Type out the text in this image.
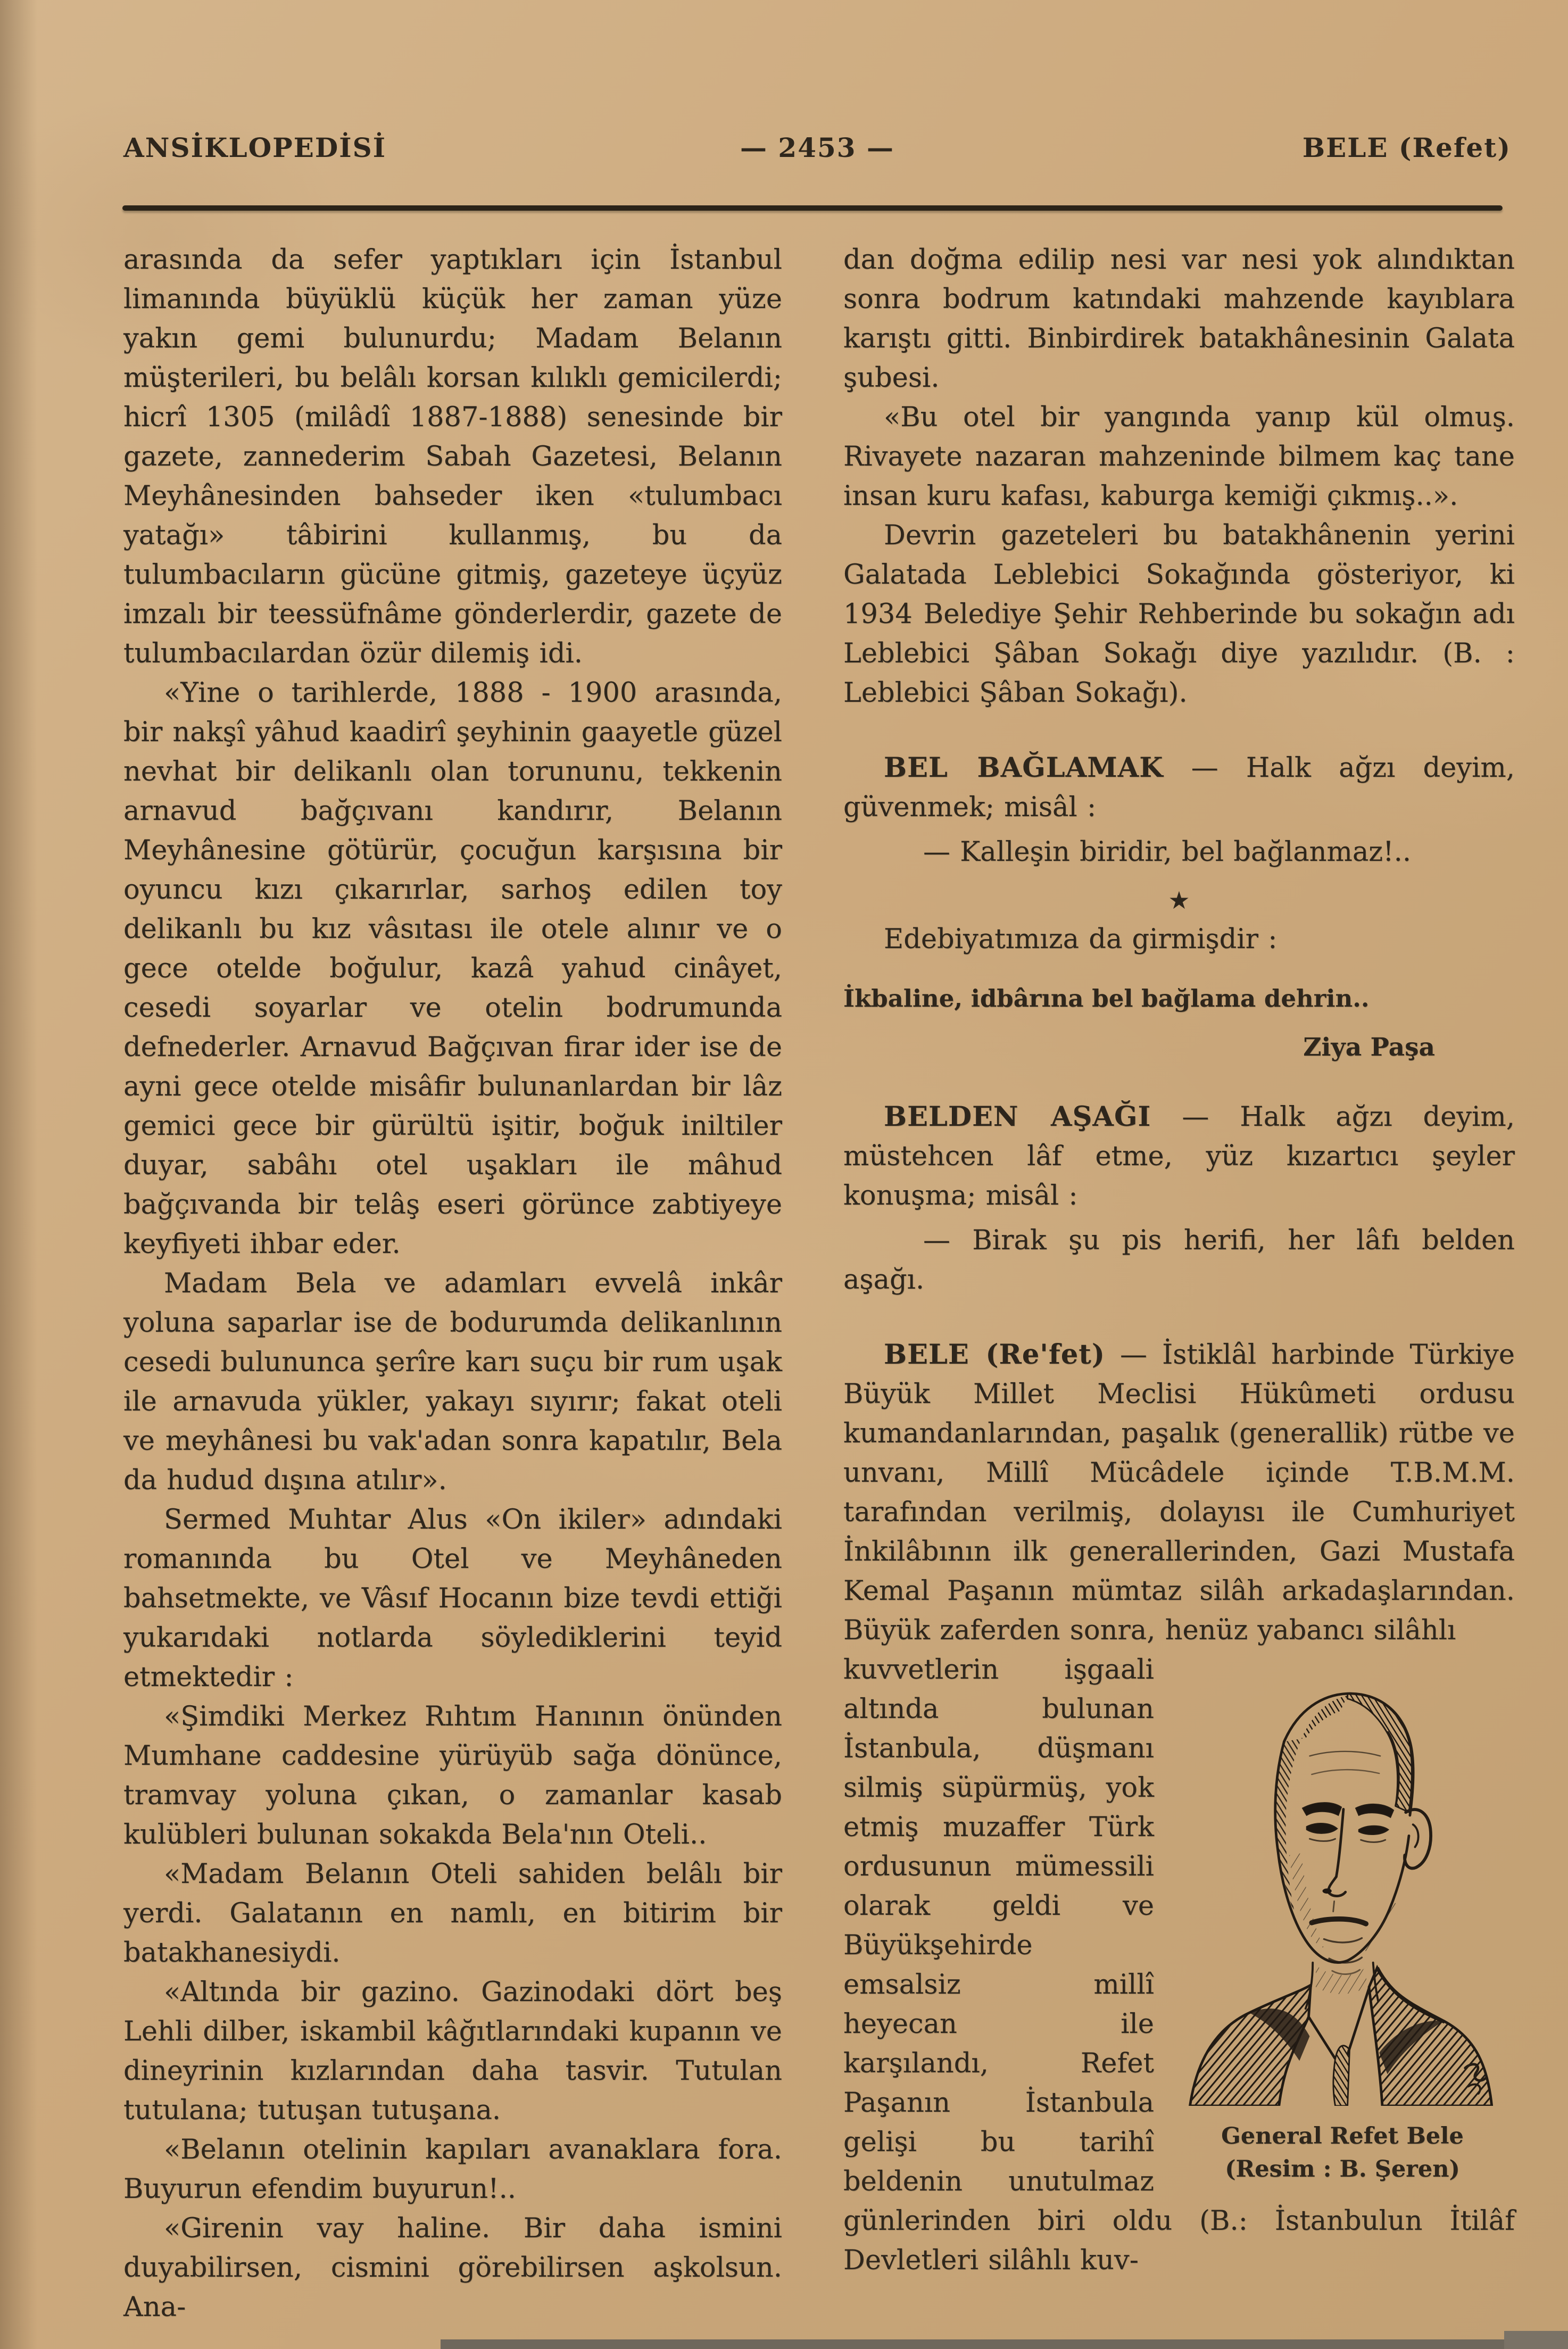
ANSİKLOPEDİSİ	— 2453 —	BELE (Refet)

arasında da sefer yaptıkları için İstanbul limanında büyüklü küçük her zaman yüze yakın gemi bulunurdu; Madam Belanın müşterileri, bu belâlı korsan kılıklı gemicilerdi; hicrî 1305 (milâdî 1887-1888) senesinde bir gazete, zannederim Sabah Gazetesi, Belanın Meyhânesinden bahseder iken «tulumbacı yatağı» tâbirini kullanmış, bu da tulumbacıların gücüne gitmiş, gazeteye üçyüz imzalı bir teessüfnâme gönderlerdir, gazete de tulumbacılardan özür dilemiş idi.

«Yine o tarihlerde, 1888 - 1900 arasında, bir nakşî yâhud kaadirî şeyhinin gaayetle güzel nevhat bir delikanlı olan torununu, tekkenin arnavud bağçıvanı kandırır, Belanın Meyhânesine götürür, çocuğun karşısına bir oyuncu kızı çıkarırlar, sarhoş edilen toy delikanlı bu kız vâsıtası ile otele alınır ve o gece otelde boğulur, kazâ yahud cinâyet, cesedi soyarlar ve otelin bodrumunda defnederler. Arnavud Bağçıvan firar ider ise de ayni gece otelde misâfir bulunanlardan bir lâz gemici gece bir gürültü işitir, boğuk iniltiler duyar, sabâhı otel uşakları ile mâhud bağçıvanda bir telâş eseri görünce zabtiyeye keyfiyeti ihbar eder.

Madam Bela ve adamları evvelâ inkâr yoluna saparlar ise de bodurumda delikanlının cesedi bulununca şerîre karı suçu bir rum uşak ile arnavuda yükler, yakayı sıyırır; fakat oteli ve meyhânesi bu vak'adan sonra kapatılır, Bela da hudud dışına atılır».

Sermed Muhtar Alus «On ikiler» adındaki romanında bu Otel ve Meyhâneden bahsetmekte, ve Vâsıf Hocanın bize tevdi ettiği yukarıdaki notlarda söylediklerini teyid etmektedir :

«Şimdiki Merkez Rıhtım Hanının önünden Mumhane caddesine yürüyüb sağa dönünce, tramvay yoluna çıkan, o zamanlar kasab kulübleri bulunan sokakda Bela'nın Oteli..

«Madam Belanın Oteli sahiden belâlı bir yerdi. Galatanın en namlı, en bitirim bir batakhanesiydi.

«Altında bir gazino. Gazinodaki dört beş Lehli dilber, iskambil kâğıtlarındaki kupanın ve dineyrinin kızlarından daha tasvir. Tutulan tutulana; tutuşan tutuşana.

«Belanın otelinin kapıları avanaklara fora. Buyurun efendim buyurun!..

«Girenin vay haline. Bir daha ismini duyabilirsen, cismini görebilirsen aşkolsun. Ana-

dan doğma edilip nesi var nesi yok alındıktan sonra bodrum katındaki mahzende kayıblara karıştı gitti. Binbirdirek batakhânesinin Galata şubesi.

«Bu otel bir yangında yanıp kül olmuş. Rivayete nazaran mahzeninde bilmem kaç tane insan kuru kafası, kaburga kemiği çıkmış..».

Devrin gazeteleri bu batakhânenin yerini Galatada Leblebici Sokağında gösteriyor, ki 1934 Belediye Şehir Rehberinde bu sokağın adı Leblebici Şâban Sokağı diye yazılıdır. (B. : Leblebici Şâban Sokağı).

BEL BAĞLAMAK — Halk ağzı deyim, güvenmek; misâl :

— Kalleşin biridir, bel bağlanmaz!..

★

Edebiyatımıza da girmişdir :

İkbaline, idbârına bel bağlama dehrin..

Ziya Paşa

BELDEN AŞAĞI — Halk ağzı deyim, müstehcen lâf etme, yüz kızartıcı şeyler konuşma; misâl :

— Birak şu pis herifi, her lâfı belden aşağı.

BELE (Re'fet) — İstiklâl harbinde Türkiye Büyük Millet Meclisi Hükûmeti ordusu kumandanlarından, paşalık (generallik) rütbe ve unvanı, Millî Mücâdele içinde T.B.M.M. tarafından verilmiş, dolayısı ile Cumhuriyet İnkilâbının ilk generallerinden, Gazi Mustafa Kemal Paşanın mümtaz silâh arkadaşlarından. Büyük zaferden sonra, henüz yabancı silâhlı

General Refet Bele
(Resim : B. Şeren)

kuvvetlerin işgaali altında bulunan İstanbula, düşmanı silmiş süpürmüş, yok etmiş muzaffer Türk ordusunun mümessili olarak geldi ve Büyükşehirde emsalsiz millî heyecan ile karşılandı, Refet Paşanın İstanbula gelişi bu tarihî beldenin unutulmaz günlerinden biri oldu (B.: İstanbulun İtilâf Devletleri silâhlı kuv-
